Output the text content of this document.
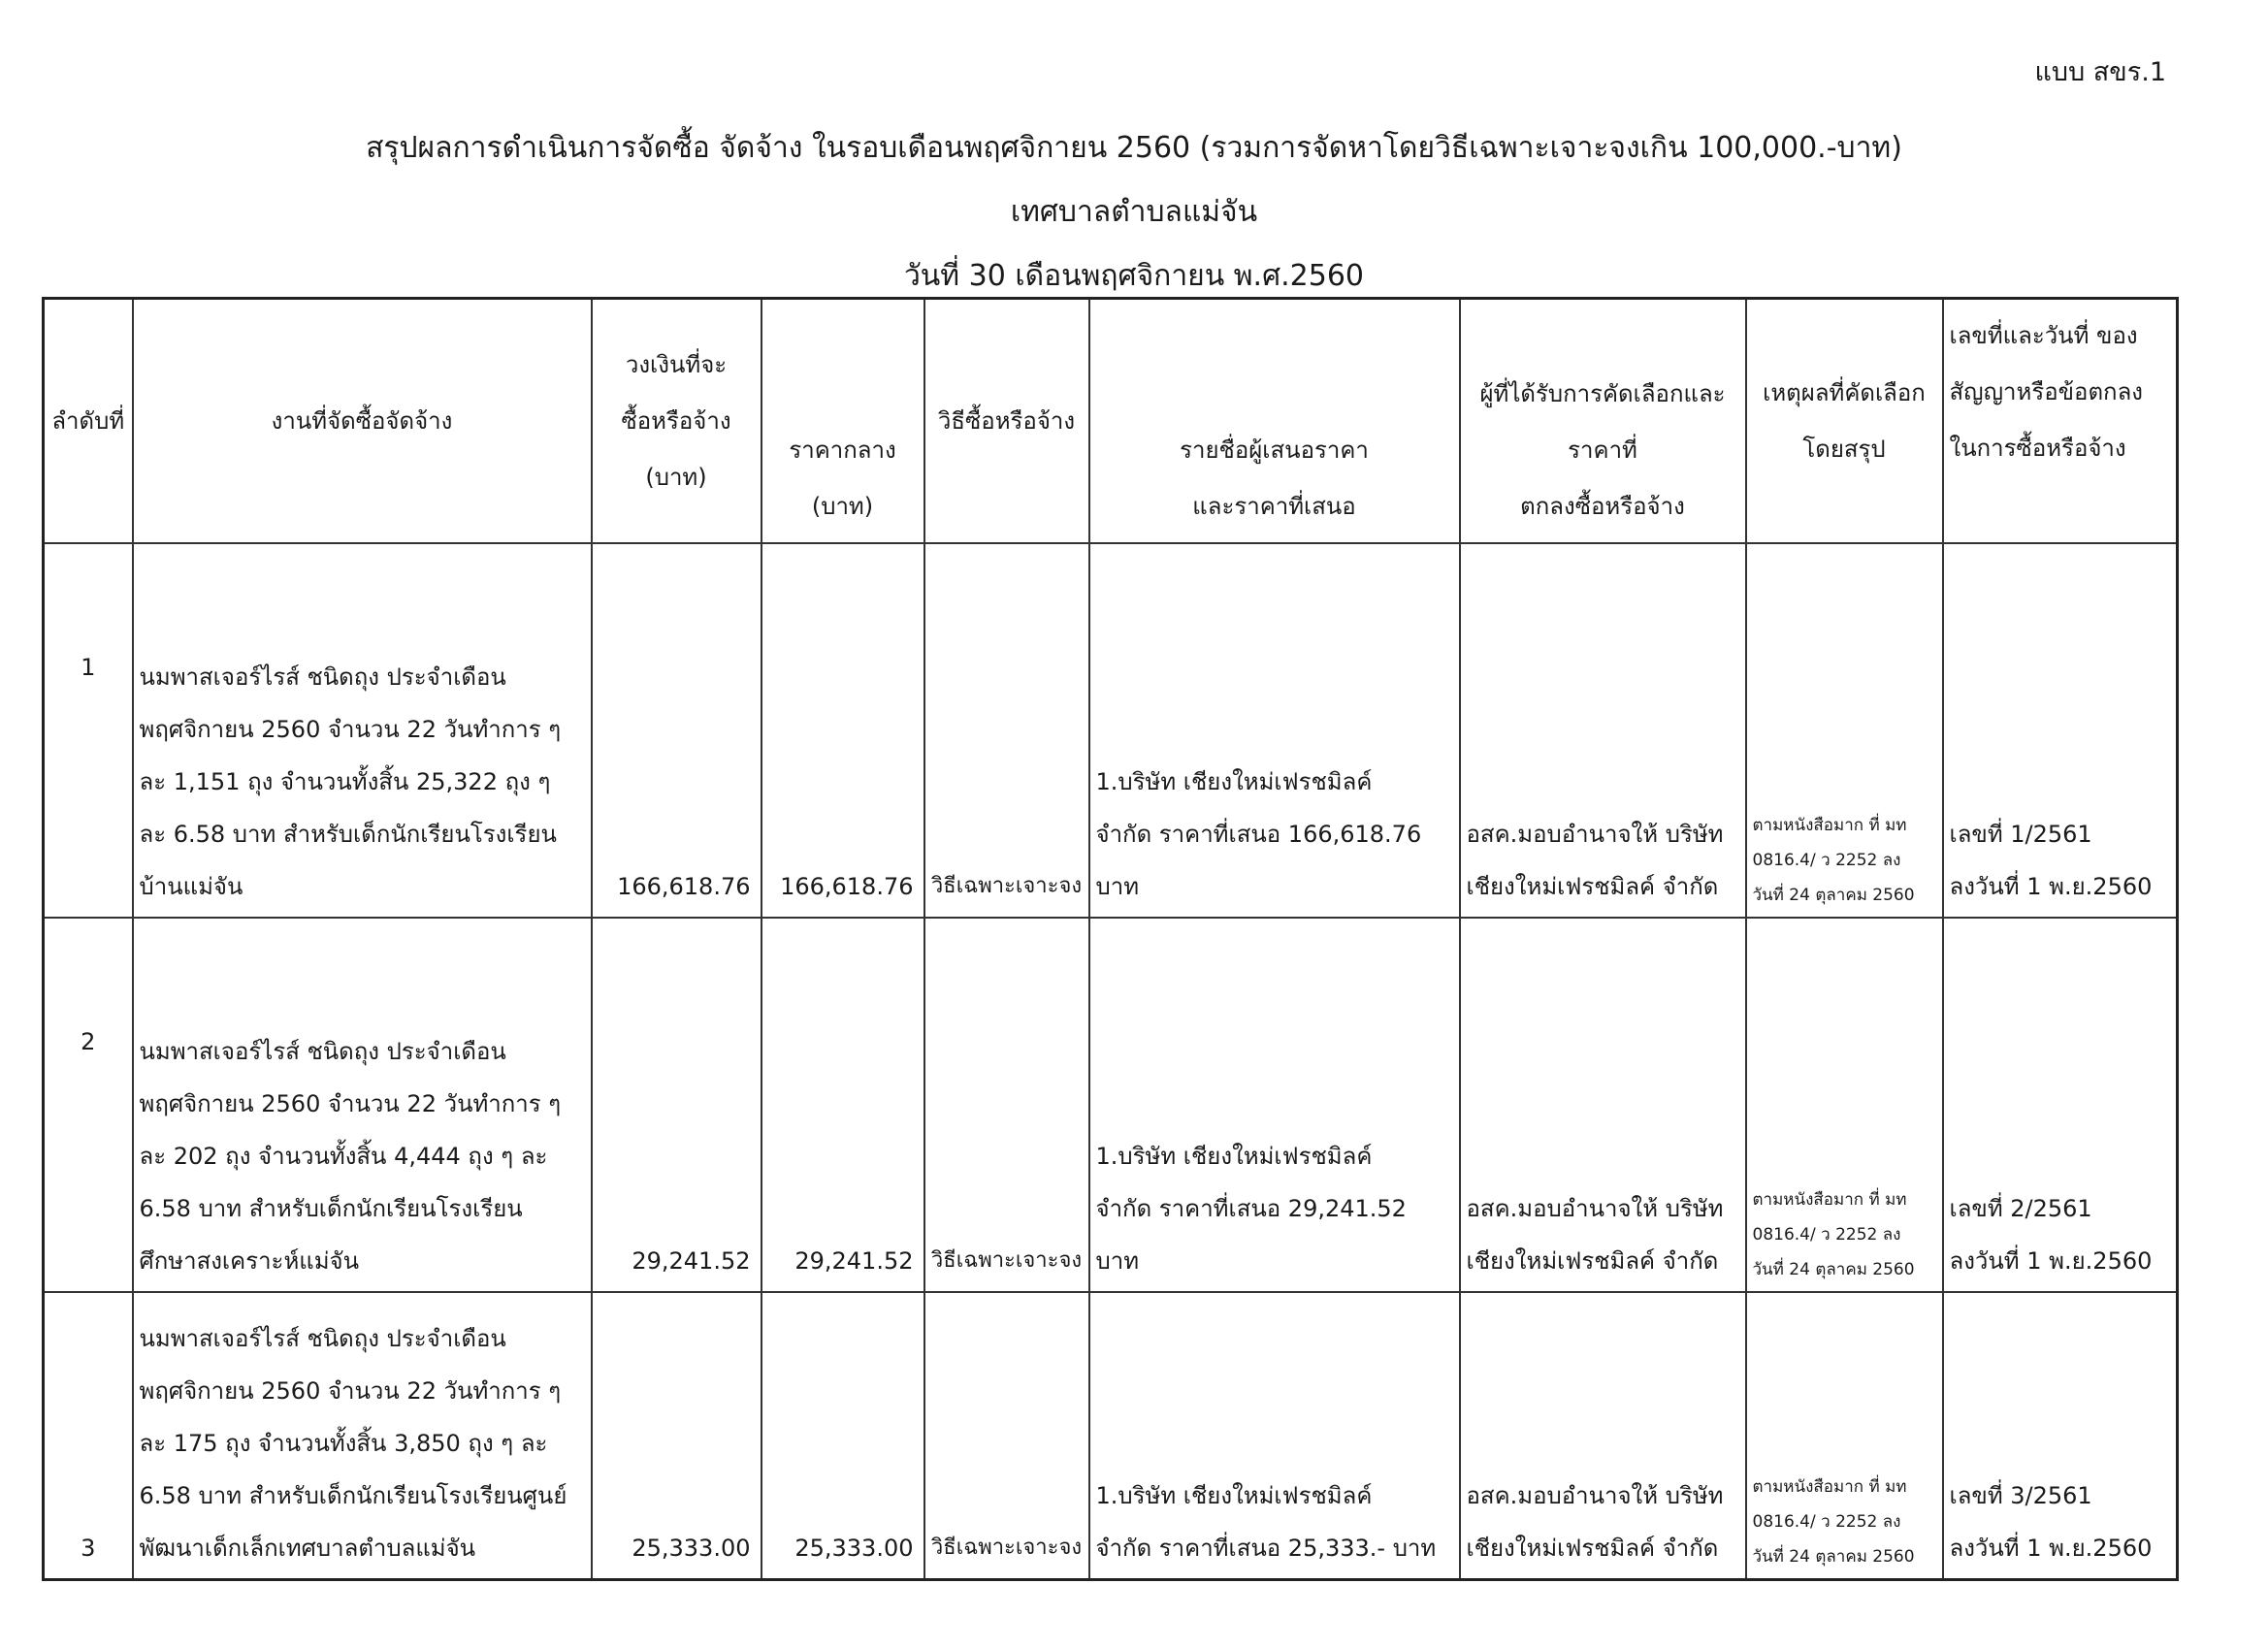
แบบ สขร.1
สรุปผลการดำเนินการจัดซื้อ จัดจ้าง ในรอบเดือนพฤศจิกายน 2560 (รวมการจัดหาโดยวิธีเฉพาะเจาะจงเกิน 100,000.-บาท)
เทศบาลตำบลแม่จัน
วันที่ 30 เดือนพฤศจิกายน พ.ศ.2560
ลำดับที่	งานที่จัดซื้อจัดจ้าง	วงเงินที่จะ
ซื้อหรือจ้าง
(บาท)	ราคากลาง
(บาท)	วิธีซื้อหรือจ้าง	รายชื่อผู้เสนอราคา
และราคาที่เสนอ	ผู้ที่ได้รับการคัดเลือกและ
ราคาที่
ตกลงซื้อหรือจ้าง	เหตุผลที่คัดเลือก
โดยสรุป	เลขที่และวันที่ ของ
สัญญาหรือข้อตกลง
ในการซื้อหรือจ้าง

1	นมพาสเจอร์ไรส์ ชนิดถุง ประจำเดือน
พฤศจิกายน 2560 จำนวน 22 วันทำการ ๆ
ละ 1,151 ถุง จำนวนทั้งสิ้น 25,322 ถุง ๆ
ละ 6.58 บาท สำหรับเด็กนักเรียนโรงเรียน
บ้านแม่จัน	166,618.76	166,618.76	วิธีเฉพาะเจาะจง	1.บริษัท เชียงใหม่เฟรชมิลค์
จำกัด ราคาที่เสนอ 166,618.76
บาท	อสค.มอบอำนาจให้ บริษัท
เชียงใหม่เฟรชมิลค์ จำกัด	ตามหนังสือมาก ที่ มท
0816.4/ ว 2252 ลง
วันที่ 24 ตุลาคม 2560	เลขที่ 1/2561
ลงวันที่ 1 พ.ย.2560

2	นมพาสเจอร์ไรส์ ชนิดถุง ประจำเดือน
พฤศจิกายน 2560 จำนวน 22 วันทำการ ๆ
ละ 202 ถุง จำนวนทั้งสิ้น 4,444 ถุง ๆ ละ
6.58 บาท สำหรับเด็กนักเรียนโรงเรียน
ศึกษาสงเคราะห์แม่จัน	29,241.52	29,241.52	วิธีเฉพาะเจาะจง	1.บริษัท เชียงใหม่เฟรชมิลค์
จำกัด ราคาที่เสนอ 29,241.52 บาท	อสค.มอบอำนาจให้ บริษัท
เชียงใหม่เฟรชมิลค์ จำกัด	ตามหนังสือมาก ที่ มท
0816.4/ ว 2252 ลง
วันที่ 24 ตุลาคม 2560	เลขที่ 2/2561
ลงวันที่ 1 พ.ย.2560

3	นมพาสเจอร์ไรส์ ชนิดถุง ประจำเดือน
พฤศจิกายน 2560 จำนวน 22 วันทำการ ๆ
ละ 175 ถุง จำนวนทั้งสิ้น 3,850 ถุง ๆ ละ
6.58 บาท สำหรับเด็กนักเรียนโรงเรียนศูนย์
พัฒนาเด็กเล็กเทศบาลตำบลแม่จัน	25,333.00	25,333.00	วิธีเฉพาะเจาะจง	1.บริษัท เชียงใหม่เฟรชมิลค์
จำกัด ราคาที่เสนอ 25,333.- บาท	อสค.มอบอำนาจให้ บริษัท
เชียงใหม่เฟรชมิลค์ จำกัด	ตามหนังสือมาก ที่ มท
0816.4/ ว 2252 ลง
วันที่ 24 ตุลาคม 2560	เลขที่ 3/2561
ลงวันที่ 1 พ.ย.2560
